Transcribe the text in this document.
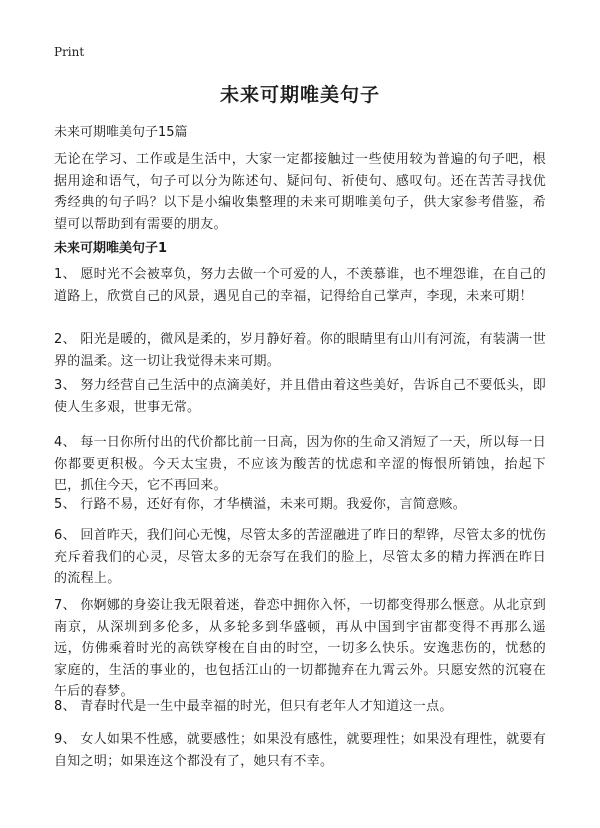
Print
未来可期唯美句子
未来可期唯美句子15篇
无论在学习、工作或是生活中，大家一定都接触过一些使用较为普遍的句子吧，根据用途和语气，句子可以分为陈述句、疑问句、祈使句、感叹句。还在苦苦寻找优秀经典的句子吗？以下是小编收集整理的未来可期唯美句子，供大家参考借鉴，希望可以帮助到有需要的朋友。
未来可期唯美句子1
1、 愿时光不会被辜负，努力去做一个可爱的人，不羡慕谁，也不埋怨谁，在自己的道路上，欣赏自己的风景，遇见自己的幸福，记得给自己掌声，李现，未来可期！
2、 阳光是暖的，微风是柔的，岁月静好着。你的眼睛里有山川有河流，有装满一世界的温柔。这一切让我觉得未来可期。
3、 努力经营自己生活中的点滴美好，并且借由着这些美好，告诉自己不要低头，即使人生多艰，世事无常。
4、 每一日你所付出的代价都比前一日高，因为你的生命又消短了一天，所以每一日你都要更积极。今天太宝贵，不应该为酸苦的忧虑和辛涩的悔恨所销蚀，抬起下巴，抓住今天，它不再回来。
5、 行路不易，还好有你，才华横溢，未来可期。我爱你，言简意赅。
6、 回首昨天，我们问心无愧，尽管太多的苦涩融进了昨日的犁铧，尽管太多的忧伤充斥着我们的心灵，尽管太多的无奈写在我们的脸上，尽管太多的精力挥洒在昨日的流程上。
7、 你婀娜的身姿让我无限着迷，眷恋中拥你入怀，一切都变得那么惬意。从北京到南京，从深圳到多伦多，从多轮多到华盛顿，再从中国到宇宙都变得不再那么遥远，仿佛乘着时光的高铁穿梭在自由的时空，一切多么快乐。安逸悲伤的，忧愁的家庭的，生活的事业的，也包括江山的一切都抛弃在九霄云外。只愿安然的沉寝在午后的春梦。
8、 青春时代是一生中最幸福的时光，但只有老年人才知道这一点。
9、 女人如果不性感，就要感性；如果没有感性，就要理性；如果没有理性，就要有自知之明；如果连这个都没有了，她只有不幸。
